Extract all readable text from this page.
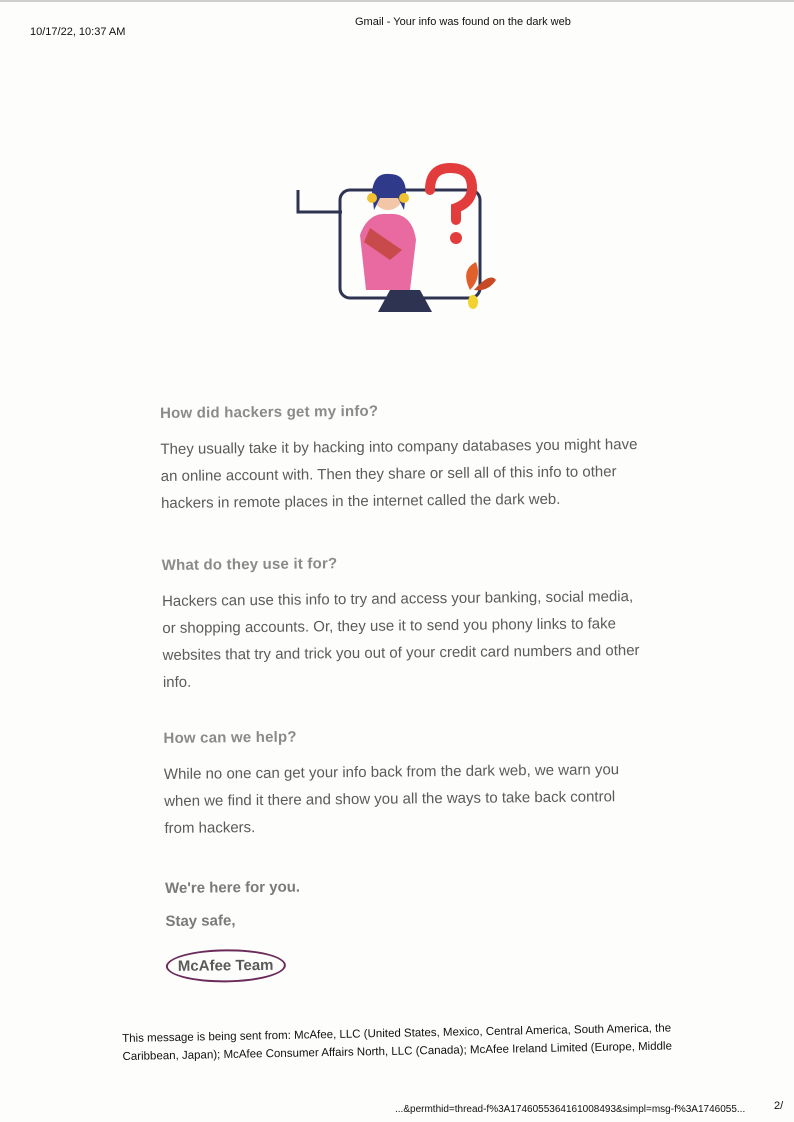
10/17/22, 10:37 AM
Gmail - Your info was found on the dark web

How did hackers get my info?

They usually take it by hacking into company databases you might have an online account with. Then they share or sell all of this info to other hackers in remote places in the internet called the dark web.

What do they use it for?

Hackers can use this info to try and access your banking, social media, or shopping accounts. Or, they use it to send you phony links to fake websites that try and trick you out of your credit card numbers and other info.

How can we help?

While no one can get your info back from the dark web, we warn you when we find it there and show you all the ways to take back control from hackers.

We're here for you.

Stay safe,

McAfee Team
This message is being sent from: McAfee, LLC (United States, Mexico, Central America, South America, the Caribbean, Japan); McAfee Consumer Affairs North, LLC (Canada); McAfee Ireland Limited (Europe, Middle
...&permthid=thread-f%3A1746055364161008493&simpl=msg-f%3A1746055...	2/
